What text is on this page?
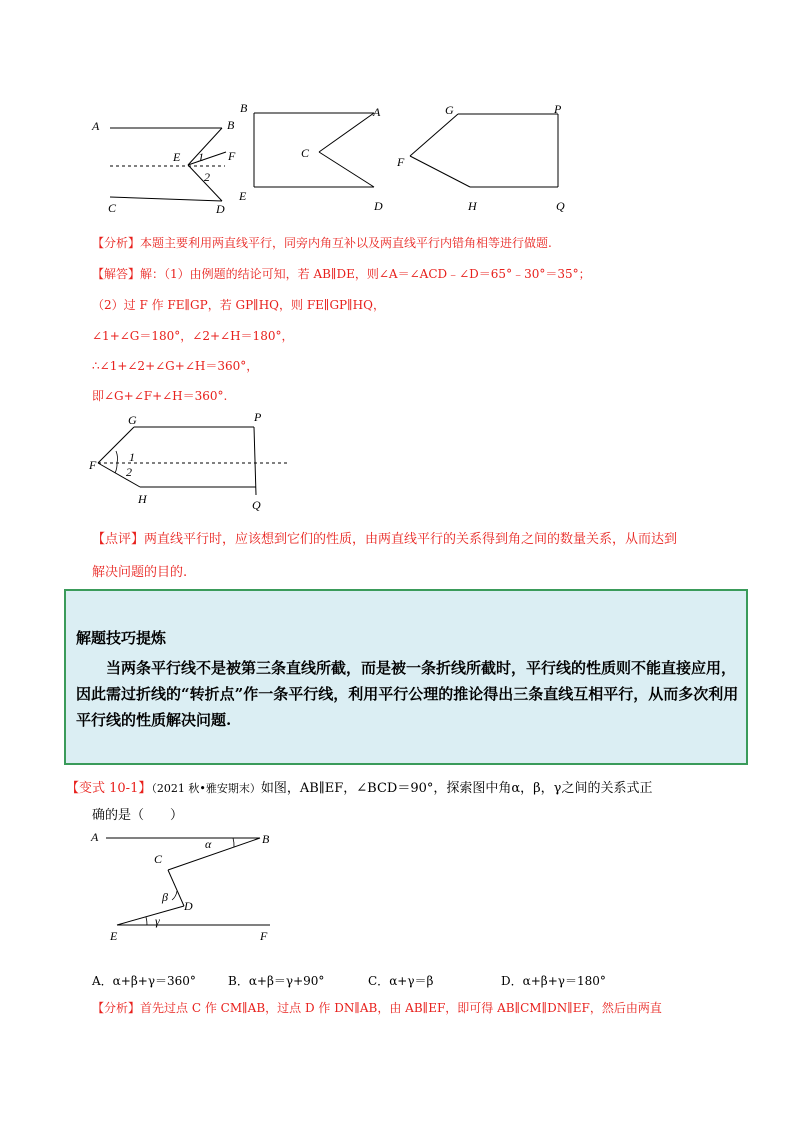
A	B
E 1 F
2
C	D
B	A
C
E
D
G	P
F
H	Q
【分析】本题主要利用两直线平行，同旁内角互补以及两直线平行内错角相等进行做题.
【解答】解：（1）由例题的结论可知，若 AB∥DE，则∠A＝∠ACD﹣∠D＝65°﹣30°＝35°；
（2）过 F 作 FE∥GP，若 GP∥HQ，则 FE∥GP∥HQ，
∠1+∠G＝180°，∠2+∠H＝180°，
∴∠1+∠2+∠G+∠H＝360°，
即∠G+∠F+∠H＝360°.
G	P
F
1
2
H	Q
【点评】两直线平行时，应该想到它们的性质，由两直线平行的关系得到角之间的数量关系，从而达到
解决问题的目的.
解题技巧提炼
当两条平行线不是被第三条直线所截，而是被一条折线所截时，平行线的性质则不能直接应用，因此需过折线的“转折点”作一条平行线，利用平行公理的推论得出三条直线互相平行，从而多次利用平行线的性质解决问题.
【变式 10-1】（2021 秋•雅安期末）如图，AB∥EF，∠BCD＝90°，探索图中角α，β，γ之间的关系式正
确的是（　　）
A	B
α
C
β
D
γ
E	F
A．α+β+γ＝360°	B．α+β＝γ+90°	C．α+γ＝β	D．α+β+γ＝180°
【分析】首先过点 C 作 CM∥AB，过点 D 作 DN∥AB，由 AB∥EF，即可得 AB∥CM∥DN∥EF，然后由两直
